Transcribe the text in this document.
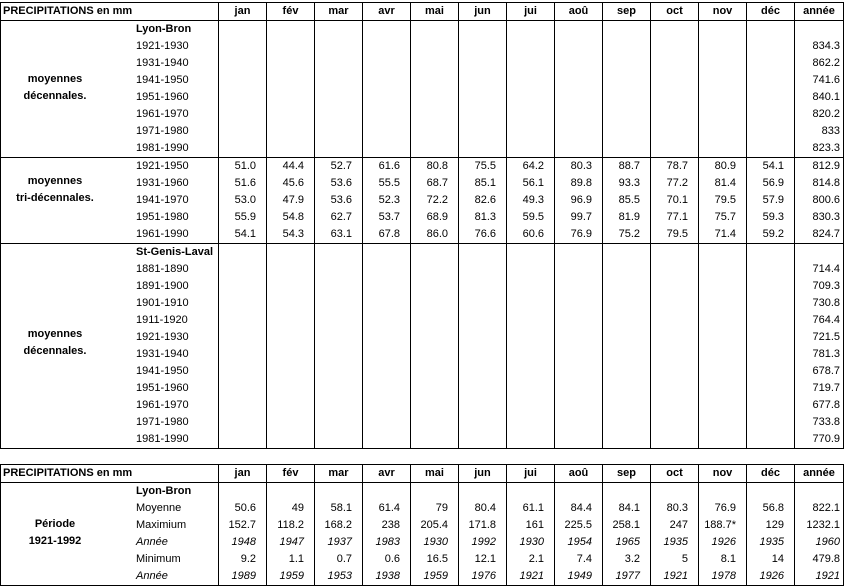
PRECIPITATIONS en mm	jan	fév	mar	avr	mai	jun	jui	aoû	sep	oct	nov	déc	année
Lyon-Bron													
1921-1930													834.3
1931-1940													862.2
1941-1950													741.6
1951-1960													840.1
1961-1970													820.2
1971-1980													833
1981-1990													823.3
1921-1950	51.0	44.4	52.7	61.6	80.8	75.5	64.2	80.3	88.7	78.7	80.9	54.1	812.9
1931-1960	51.6	45.6	53.6	55.5	68.7	85.1	56.1	89.8	93.3	77.2	81.4	56.9	814.8
1941-1970	53.0	47.9	53.6	52.3	72.2	82.6	49.3	96.9	85.5	70.1	79.5	57.9	800.6
1951-1980	55.9	54.8	62.7	53.7	68.9	81.3	59.5	99.7	81.9	77.1	75.7	59.3	830.3
1961-1990	54.1	54.3	63.1	67.8	86.0	76.6	60.6	76.9	75.2	79.5	71.4	59.2	824.7
St-Genis-Laval													
1881-1890													714.4
1891-1900													709.3
1901-1910													730.8
1911-1920													764.4
1921-1930													721.5
1931-1940													781.3
1941-1950													678.7
1951-1960													719.7
1961-1970													677.8
1971-1980													733.8
1981-1990													770.9
PRECIPITATIONS en mm	jan	fév	mar	avr	mai	jun	jui	aoû	sep	oct	nov	déc	année
Lyon-Bron													
Moyenne	50.6	49	58.1	61.4	79	80.4	61.1	84.4	84.1	80.3	76.9	56.8	822.1
Maximium	152.7	118.2	168.2	238	205.4	171.8	161	225.5	258.1	247	188.7*	129	1232.1
Année	1948	1947	1937	1983	1930	1992	1930	1954	1965	1935	1926	1935	1960
Minimum	9.2	1.1	0.7	0.6	16.5	12.1	2.1	7.4	3.2	5	8.1	14	479.8
Année	1989	1959	1953	1938	1959	1976	1921	1949	1977	1921	1978	1926	1921
moyennes
décennales.
moyennes
tri-décennales.
moyennes
décennales.
Période
1921-1992
